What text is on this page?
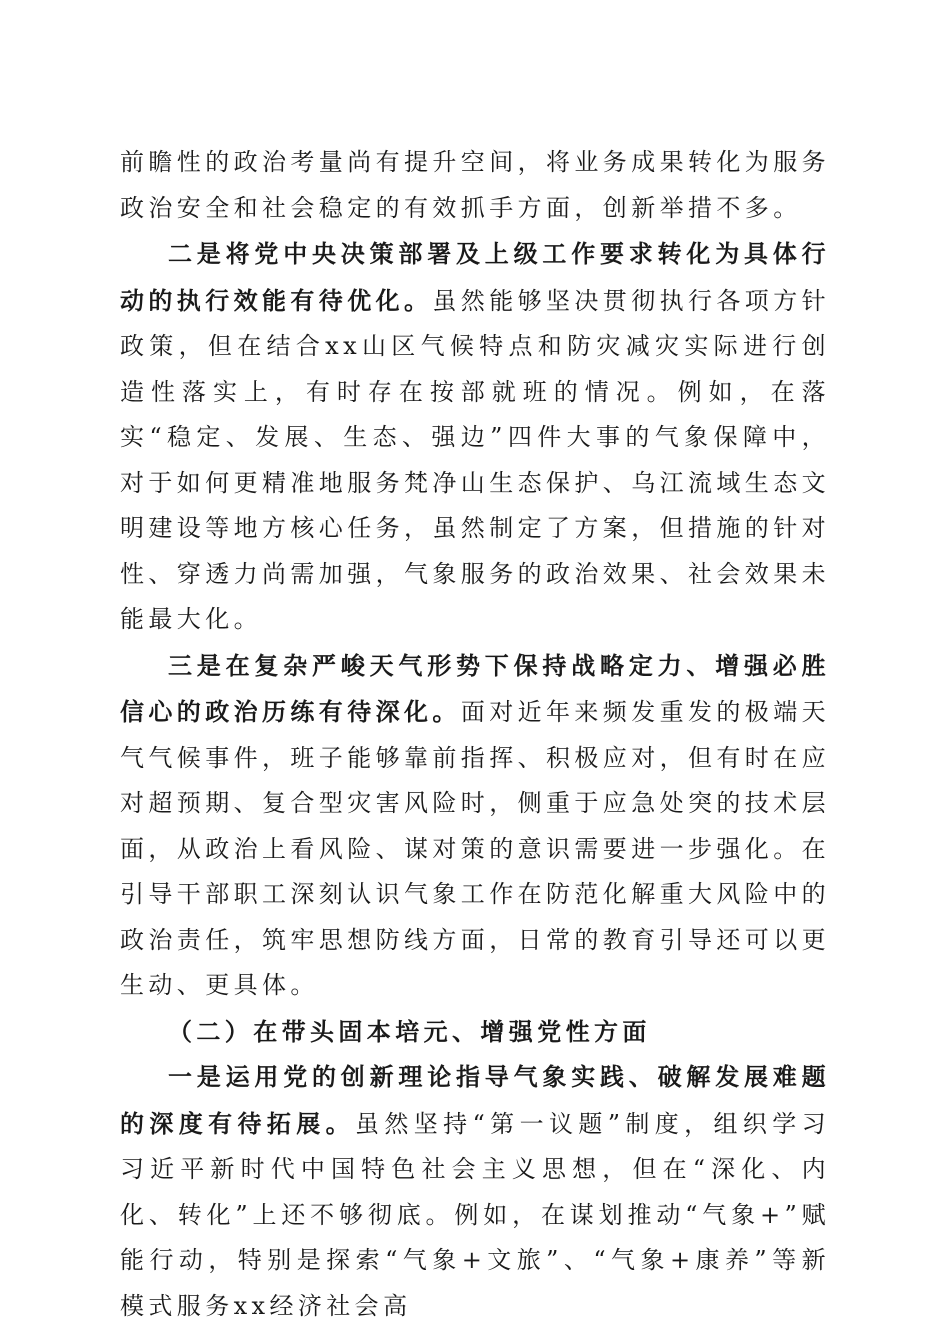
前瞻性的政治考量尚有提升空间，将业务成果转化为服务政治安全和社会稳定的有效抓手方面，创新举措不多。

二是将党中央决策部署及上级工作要求转化为具体行动的执行效能有待优化。虽然能够坚决贯彻执行各项方针政策，但在结合xx山区气候特点和防灾减灾实际进行创造性落实上，有时存在按部就班的情况。例如，在落实“稳定、发展、生态、强边”四件大事的气象保障中，对于如何更精准地服务梵净山生态保护、乌江流域生态文明建设等地方核心任务，虽然制定了方案，但措施的针对性、穿透力尚需加强，气象服务的政治效果、社会效果未能最大化。

三是在复杂严峻天气形势下保持战略定力、增强必胜信心的政治历练有待深化。面对近年来频发重发的极端天气气候事件，班子能够靠前指挥、积极应对，但有时在应对超预期、复合型灾害风险时，侧重于应急处突的技术层面，从政治上看风险、谋对策的意识需要进一步强化。在引导干部职工深刻认识气象工作在防范化解重大风险中的政治责任，筑牢思想防线方面，日常的教育引导还可以更生动、更具体。

（二）在带头固本培元、增强党性方面

一是运用党的创新理论指导气象实践、破解发展难题的深度有待拓展。虽然坚持“第一议题”制度，组织学习习近平新时代中国特色社会主义思想，但在“深化、内化、转化”上还不够彻底。例如，在谋划推动“气象+”赋能行动，特别是探索“气象+文旅”、“气象+康养”等新模式服务xx经济社会高
